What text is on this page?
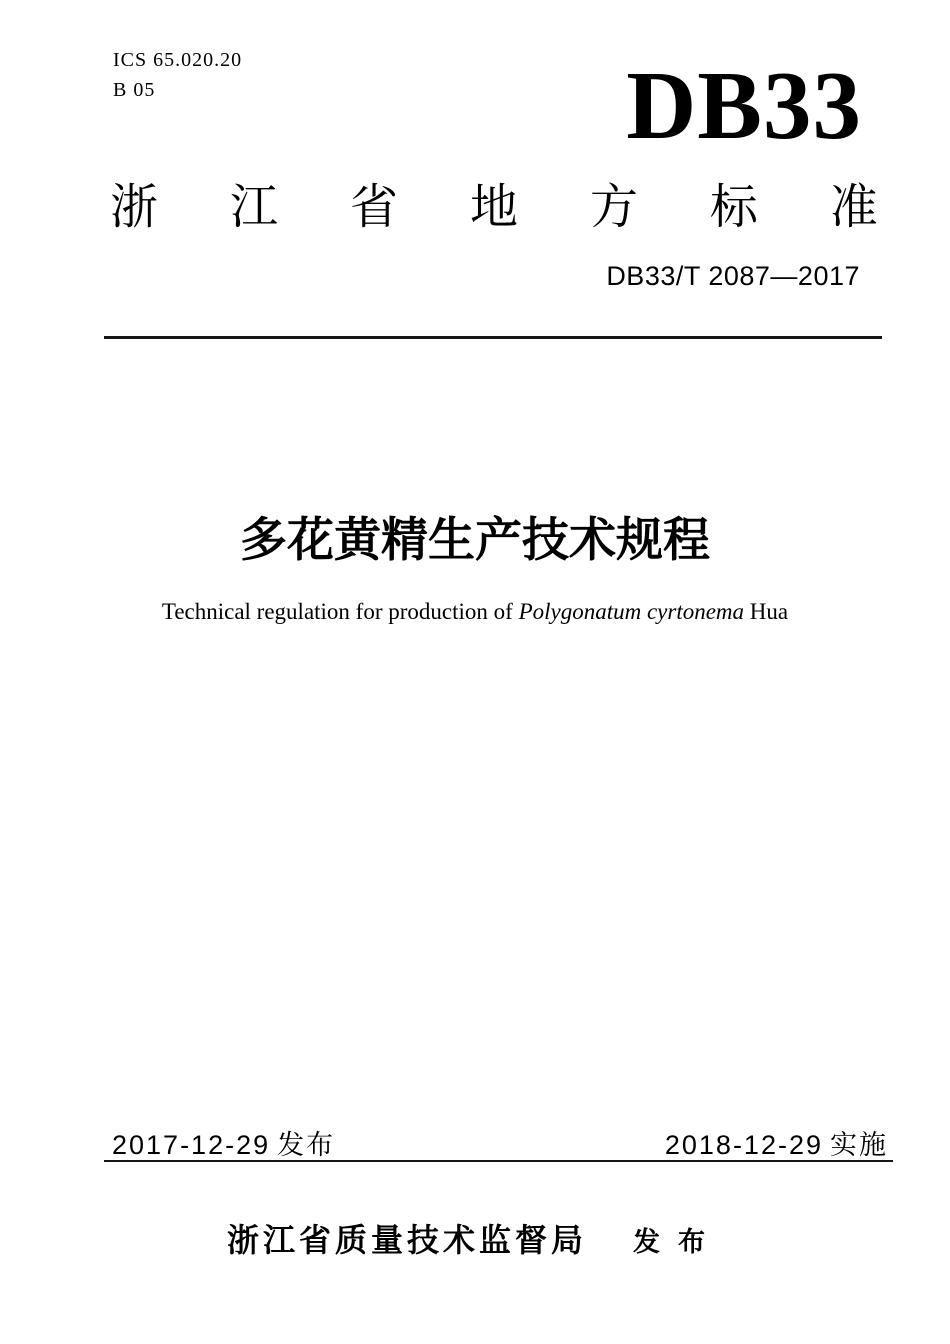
ICS 65.020.20
B 05	DB33
浙 江 省 地 方 标 准
DB33/T 2087—2017
多花黄精生产技术规程
Technical regulation for production of Polygonatum cyrtonema Hua
2017-12-29 发布	2018-12-29 实施
浙江省质量技术监督局 发布
